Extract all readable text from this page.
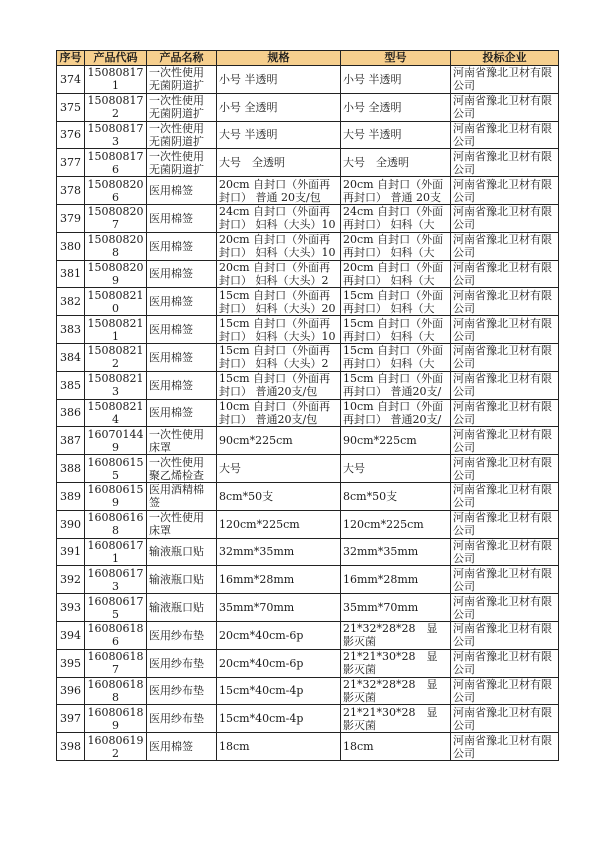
序号	产品代码	产品名称	规格	型号	投标企业

374	150808171	一次性使用无菌阴道扩	小号 半透明	小号 半透明	河南省豫北卫材有限公司

375	150808172	一次性使用无菌阴道扩	小号 全透明	小号 全透明	河南省豫北卫材有限公司

376	150808173	一次性使用无菌阴道扩	大号 半透明	大号 半透明	河南省豫北卫材有限公司

377	150808176	一次性使用无菌阴道扩	大号　全透明	大号　全透明	河南省豫北卫材有限公司

378	150808206	医用棉签	20cm 自封口（外面再封口） 普通 20支/包	20cm 自封口（外面再封口） 普通 20支	河南省豫北卫材有限公司

379	150808207	医用棉签	24cm 自封口（外面再封口） 妇科（大头）10	24cm 自封口（外面再封口） 妇科（大	河南省豫北卫材有限公司

380	150808208	医用棉签	20cm 自封口（外面再封口） 妇科（大头）10	20cm 自封口（外面再封口） 妇科（大	河南省豫北卫材有限公司

381	150808209	医用棉签	20cm 自封口（外面再封口） 妇科（大头）2	20cm 自封口（外面再封口） 妇科（大	河南省豫北卫材有限公司

382	150808210	医用棉签	15cm 自封口（外面再封口） 妇科（大头）20	15cm 自封口（外面再封口） 妇科（大	河南省豫北卫材有限公司

383	150808211	医用棉签	15cm 自封口（外面再封口） 妇科（大头）10	15cm 自封口（外面再封口） 妇科（大	河南省豫北卫材有限公司

384	150808212	医用棉签	15cm 自封口（外面再封口） 妇科（大头）2	15cm 自封口（外面再封口） 妇科（大	河南省豫北卫材有限公司

385	150808213	医用棉签	15cm 自封口（外面再封口） 普通20支/包	15cm 自封口（外面再封口） 普通20支/	河南省豫北卫材有限公司

386	150808214	医用棉签	10cm 自封口（外面再封口） 普通20支/包	10cm 自封口（外面再封口） 普通20支/	河南省豫北卫材有限公司

387	160701449	一次性使用床罩	90cm*225cm	90cm*225cm	河南省豫北卫材有限公司

388	160806155	一次性使用聚乙烯检查	大号	大号	河南省豫北卫材有限公司

389	160806159	医用酒精棉签	8cm*50支	8cm*50支	河南省豫北卫材有限公司

390	160806168	一次性使用床罩	120cm*225cm	120cm*225cm	河南省豫北卫材有限公司

391	160806171	输液瓶口贴	32mm*35mm	32mm*35mm	河南省豫北卫材有限公司

392	160806173	输液瓶口贴	16mm*28mm	16mm*28mm	河南省豫北卫材有限公司

393	160806175	输液瓶口贴	35mm*70mm	35mm*70mm	河南省豫北卫材有限公司

394	160806186	医用纱布垫	20cm*40cm-6p	21*32*28*28　显影灭菌	河南省豫北卫材有限公司

395	160806187	医用纱布垫	20cm*40cm-6p	21*21*30*28　显影灭菌	河南省豫北卫材有限公司

396	160806188	医用纱布垫	15cm*40cm-4p	21*32*28*28　显影灭菌	河南省豫北卫材有限公司

397	160806189	医用纱布垫	15cm*40cm-4p	21*21*30*28　显影灭菌	河南省豫北卫材有限公司

398	160806192	医用棉签	18cm	18cm	河南省豫北卫材有限公司
